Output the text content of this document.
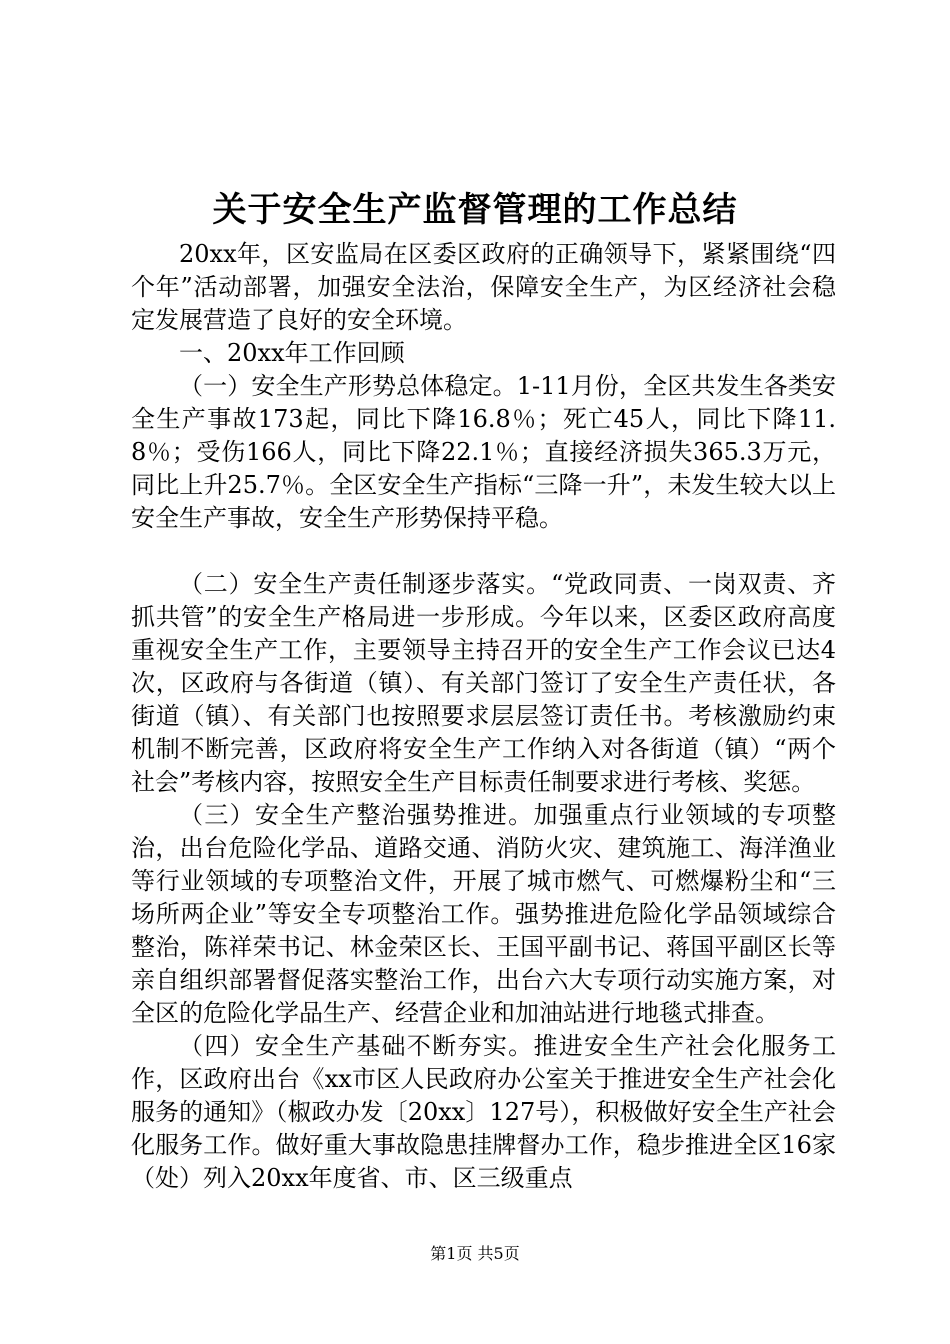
关于安全生产监督管理的工作总结

20xx年，区安监局在区委区政府的正确领导下，紧紧围绕“四个年”活动部署，加强安全法治，保障安全生产，为区经济社会稳定发展营造了良好的安全环境。

一、20xx年工作回顾

（一）安全生产形势总体稳定。1-11月份，全区共发生各类安全生产事故173起，同比下降16.8％；死亡45人，同比下降11.8％；受伤166人，同比下降22.1％；直接经济损失365.3万元，同比上升25.7％。全区安全生产指标“三降一升”，未发生较大以上安全生产事故，安全生产形势保持平稳。

（二）安全生产责任制逐步落实。“党政同责、一岗双责、齐抓共管”的安全生产格局进一步形成。今年以来，区委区政府高度重视安全生产工作，主要领导主持召开的安全生产工作会议已达4次，区政府与各街道（镇）、有关部门签订了安全生产责任状，各街道（镇）、有关部门也按照要求层层签订责任书。考核激励约束机制不断完善，区政府将安全生产工作纳入对各街道（镇）“两个社会”考核内容，按照安全生产目标责任制要求进行考核、奖惩。

（三）安全生产整治强势推进。加强重点行业领域的专项整治，出台危险化学品、道路交通、消防火灾、建筑施工、海洋渔业等行业领域的专项整治文件，开展了城市燃气、可燃爆粉尘和“三场所两企业”等安全专项整治工作。强势推进危险化学品领域综合整治，陈祥荣书记、林金荣区长、王国平副书记、蒋国平副区长等亲自组织部署督促落实整治工作，出台六大专项行动实施方案，对全区的危险化学品生产、经营企业和加油站进行地毯式排查。

（四）安全生产基础不断夯实。推进安全生产社会化服务工作，区政府出台《xx市区人民政府办公室关于推进安全生产社会化服务的通知》（椒政办发〔20xx〕127号），积极做好安全生产社会化服务工作。做好重大事故隐患挂牌督办工作，稳步推进全区16家（处）列入20xx年度省、市、区三级重点

第1页 共5页
